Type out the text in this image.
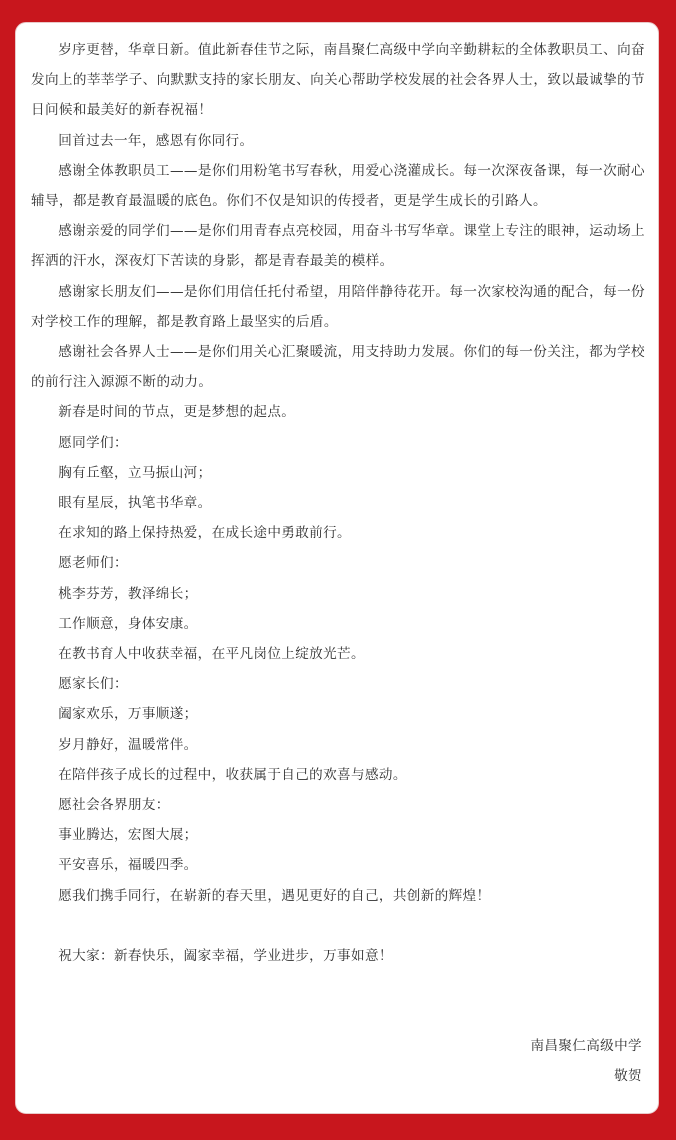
岁序更替，华章日新。值此新春佳节之际，南昌聚仁高级中学向辛勤耕耘的全体教职员工、向奋发向上的莘莘学子、向默默支持的家长朋友、向关心帮助学校发展的社会各界人士，致以最诚挚的节日问候和最美好的新春祝福！

回首过去一年，感恩有你同行。

感谢全体教职员工——是你们用粉笔书写春秋，用爱心浇灌成长。每一次深夜备课，每一次耐心辅导，都是教育最温暖的底色。你们不仅是知识的传授者，更是学生成长的引路人。

感谢亲爱的同学们——是你们用青春点亮校园，用奋斗书写华章。课堂上专注的眼神，运动场上挥洒的汗水，深夜灯下苦读的身影，都是青春最美的模样。

感谢家长朋友们——是你们用信任托付希望，用陪伴静待花开。每一次家校沟通的配合，每一份对学校工作的理解，都是教育路上最坚实的后盾。

感谢社会各界人士——是你们用关心汇聚暖流，用支持助力发展。你们的每一份关注，都为学校的前行注入源源不断的动力。

新春是时间的节点，更是梦想的起点。

愿同学们：

胸有丘壑，立马振山河；

眼有星辰，执笔书华章。

在求知的路上保持热爱，在成长途中勇敢前行。

愿老师们：

桃李芬芳，教泽绵长；

工作顺意，身体安康。

在教书育人中收获幸福，在平凡岗位上绽放光芒。

愿家长们：

阖家欢乐，万事顺遂；

岁月静好，温暖常伴。

在陪伴孩子成长的过程中，收获属于自己的欢喜与感动。

愿社会各界朋友：

事业腾达，宏图大展；

平安喜乐，福暖四季。

愿我们携手同行，在崭新的春天里，遇见更好的自己，共创新的辉煌！

祝大家：新春快乐，阖家幸福，学业进步，万事如意！

南昌聚仁高级中学
敬贺
